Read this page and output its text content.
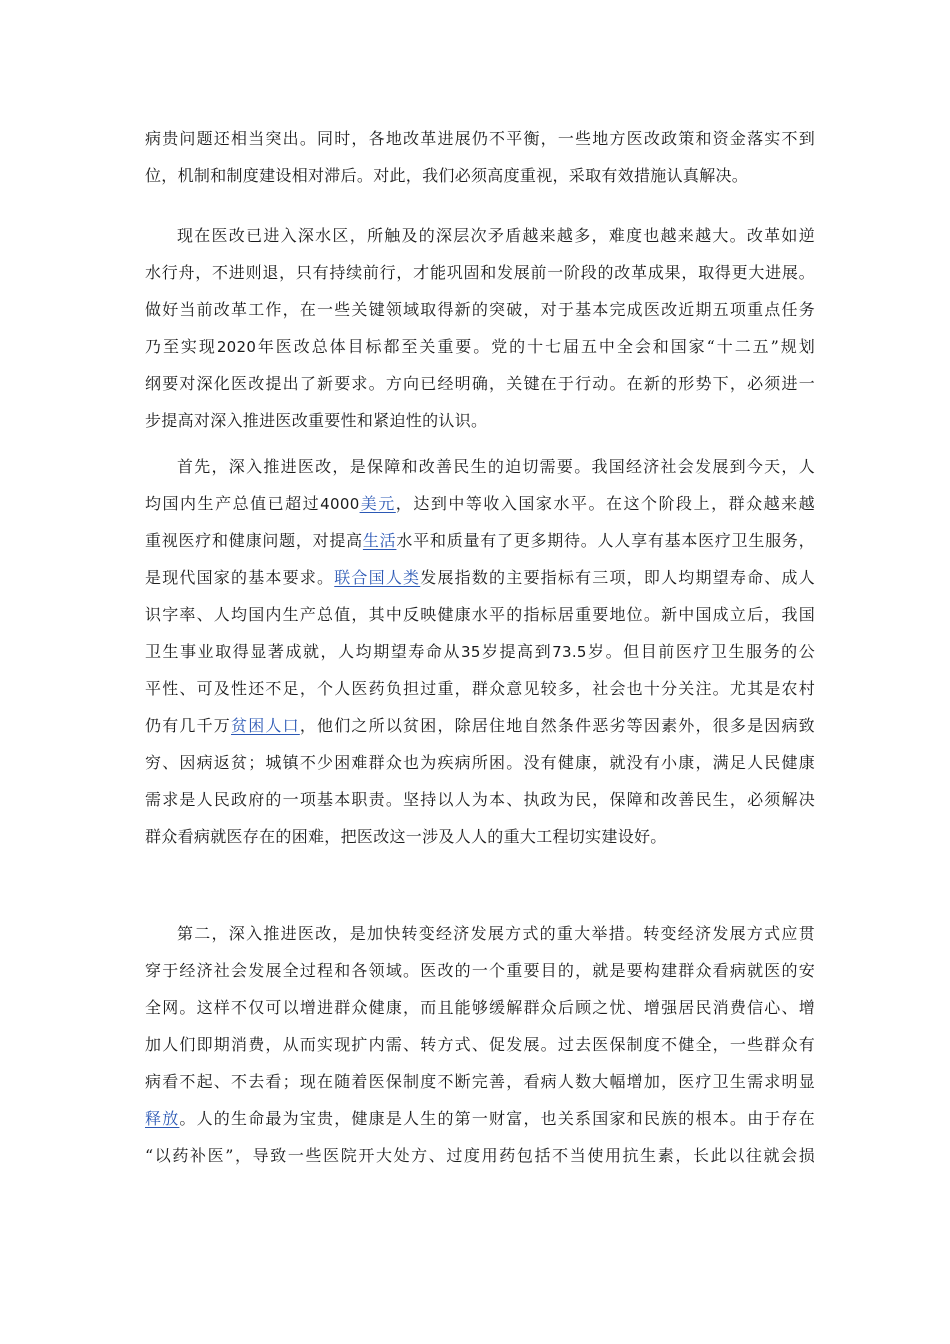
病贵问题还相当突出。同时，各地改革进展仍不平衡，一些地方医改政策和资金落实不到
位，机制和制度建设相对滞后。对此，我们必须高度重视，采取有效措施认真解决。
现在医改已进入深水区，所触及的深层次矛盾越来越多，难度也越来越大。改革如逆
水行舟，不进则退，只有持续前行，才能巩固和发展前一阶段的改革成果，取得更大进展。
做好当前改革工作，在一些关键领域取得新的突破，对于基本完成医改近期五项重点任务
乃至实现2020年医改总体目标都至关重要。党的十七届五中全会和国家“十二五”规划
纲要对深化医改提出了新要求。方向已经明确，关键在于行动。在新的形势下，必须进一
步提高对深入推进医改重要性和紧迫性的认识。
首先，深入推进医改，是保障和改善民生的迫切需要。我国经济社会发展到今天，人
均国内生产总值已超过4000美元，达到中等收入国家水平。在这个阶段上，群众越来越
重视医疗和健康问题，对提高生活水平和质量有了更多期待。人人享有基本医疗卫生服务，
是现代国家的基本要求。联合国人类发展指数的主要指标有三项，即人均期望寿命、成人
识字率、人均国内生产总值，其中反映健康水平的指标居重要地位。新中国成立后，我国
卫生事业取得显著成就，人均期望寿命从35岁提高到73.5岁。但目前医疗卫生服务的公
平性、可及性还不足，个人医药负担过重，群众意见较多，社会也十分关注。尤其是农村
仍有几千万贫困人口，他们之所以贫困，除居住地自然条件恶劣等因素外，很多是因病致
穷、因病返贫；城镇不少困难群众也为疾病所困。没有健康，就没有小康，满足人民健康
需求是人民政府的一项基本职责。坚持以人为本、执政为民，保障和改善民生，必须解决
群众看病就医存在的困难，把医改这一涉及人人的重大工程切实建设好。
第二，深入推进医改，是加快转变经济发展方式的重大举措。转变经济发展方式应贯
穿于经济社会发展全过程和各领域。医改的一个重要目的，就是要构建群众看病就医的安
全网。这样不仅可以增进群众健康，而且能够缓解群众后顾之忧、增强居民消费信心、增
加人们即期消费，从而实现扩内需、转方式、促发展。过去医保制度不健全，一些群众有
病看不起、不去看；现在随着医保制度不断完善，看病人数大幅增加，医疗卫生需求明显
释放。人的生命最为宝贵，健康是人生的第一财富，也关系国家和民族的根本。由于存在
“以药补医”，导致一些医院开大处方、过度用药包括不当使用抗生素，长此以往就会损
